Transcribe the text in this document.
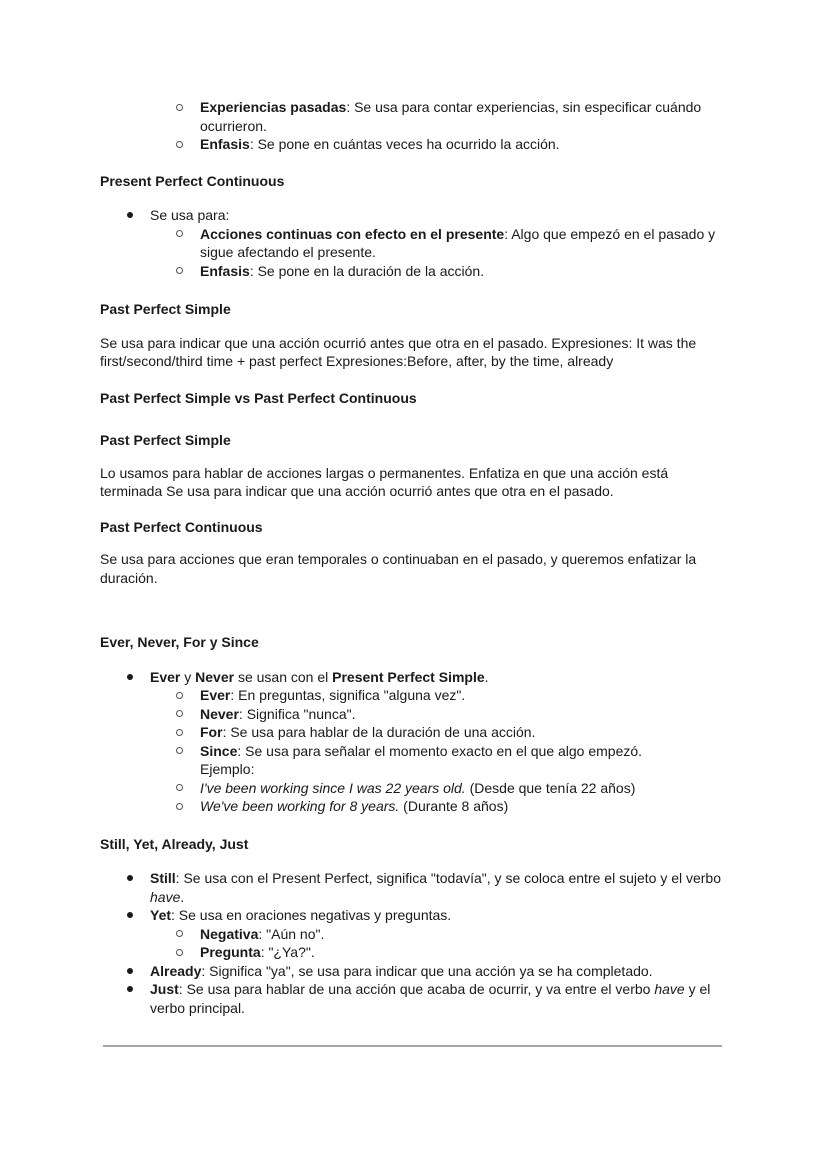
Experiencias pasadas: Se usa para contar experiencias, sin especificar cuándo ocurrieron.
Enfasis: Se pone en cuántas veces ha ocurrido la acción.
Present Perfect Continuous
Se usa para:
Acciones continuas con efecto en el presente: Algo que empezó en el pasado y sigue afectando el presente.
Enfasis: Se pone en la duración de la acción.
Past Perfect Simple
Se usa para indicar que una acción ocurrió antes que otra en el pasado. Expresiones: It was the first/second/third time + past perfect Expresiones:Before, after, by the time, already
Past Perfect Simple vs Past Perfect Continuous
Past Perfect Simple
Lo usamos para hablar de acciones largas o permanentes. Enfatiza en que una acción está terminada Se usa para indicar que una acción ocurrió antes que otra en el pasado.
Past Perfect Continuous
Se usa para acciones que eran temporales o continuaban en el pasado, y queremos enfatizar la duración.
Ever, Never, For y Since
Ever y Never se usan con el Present Perfect Simple.
Ever: En preguntas, significa "alguna vez".
Never: Significa "nunca".
For: Se usa para hablar de la duración de una acción.
Since: Se usa para señalar el momento exacto en el que algo empezó. Ejemplo:
I've been working since I was 22 years old. (Desde que tenía 22 años)
We've been working for 8 years. (Durante 8 años)
Still, Yet, Already, Just
Still: Se usa con el Present Perfect, significa "todavía", y se coloca entre el sujeto y el verbo have.
Yet: Se usa en oraciones negativas y preguntas.
Negativa: "Aún no".
Pregunta: "¿Ya?".
Already: Significa "ya", se usa para indicar que una acción ya se ha completado.
Just: Se usa para hablar de una acción que acaba de ocurrir, y va entre el verbo have y el verbo principal.
